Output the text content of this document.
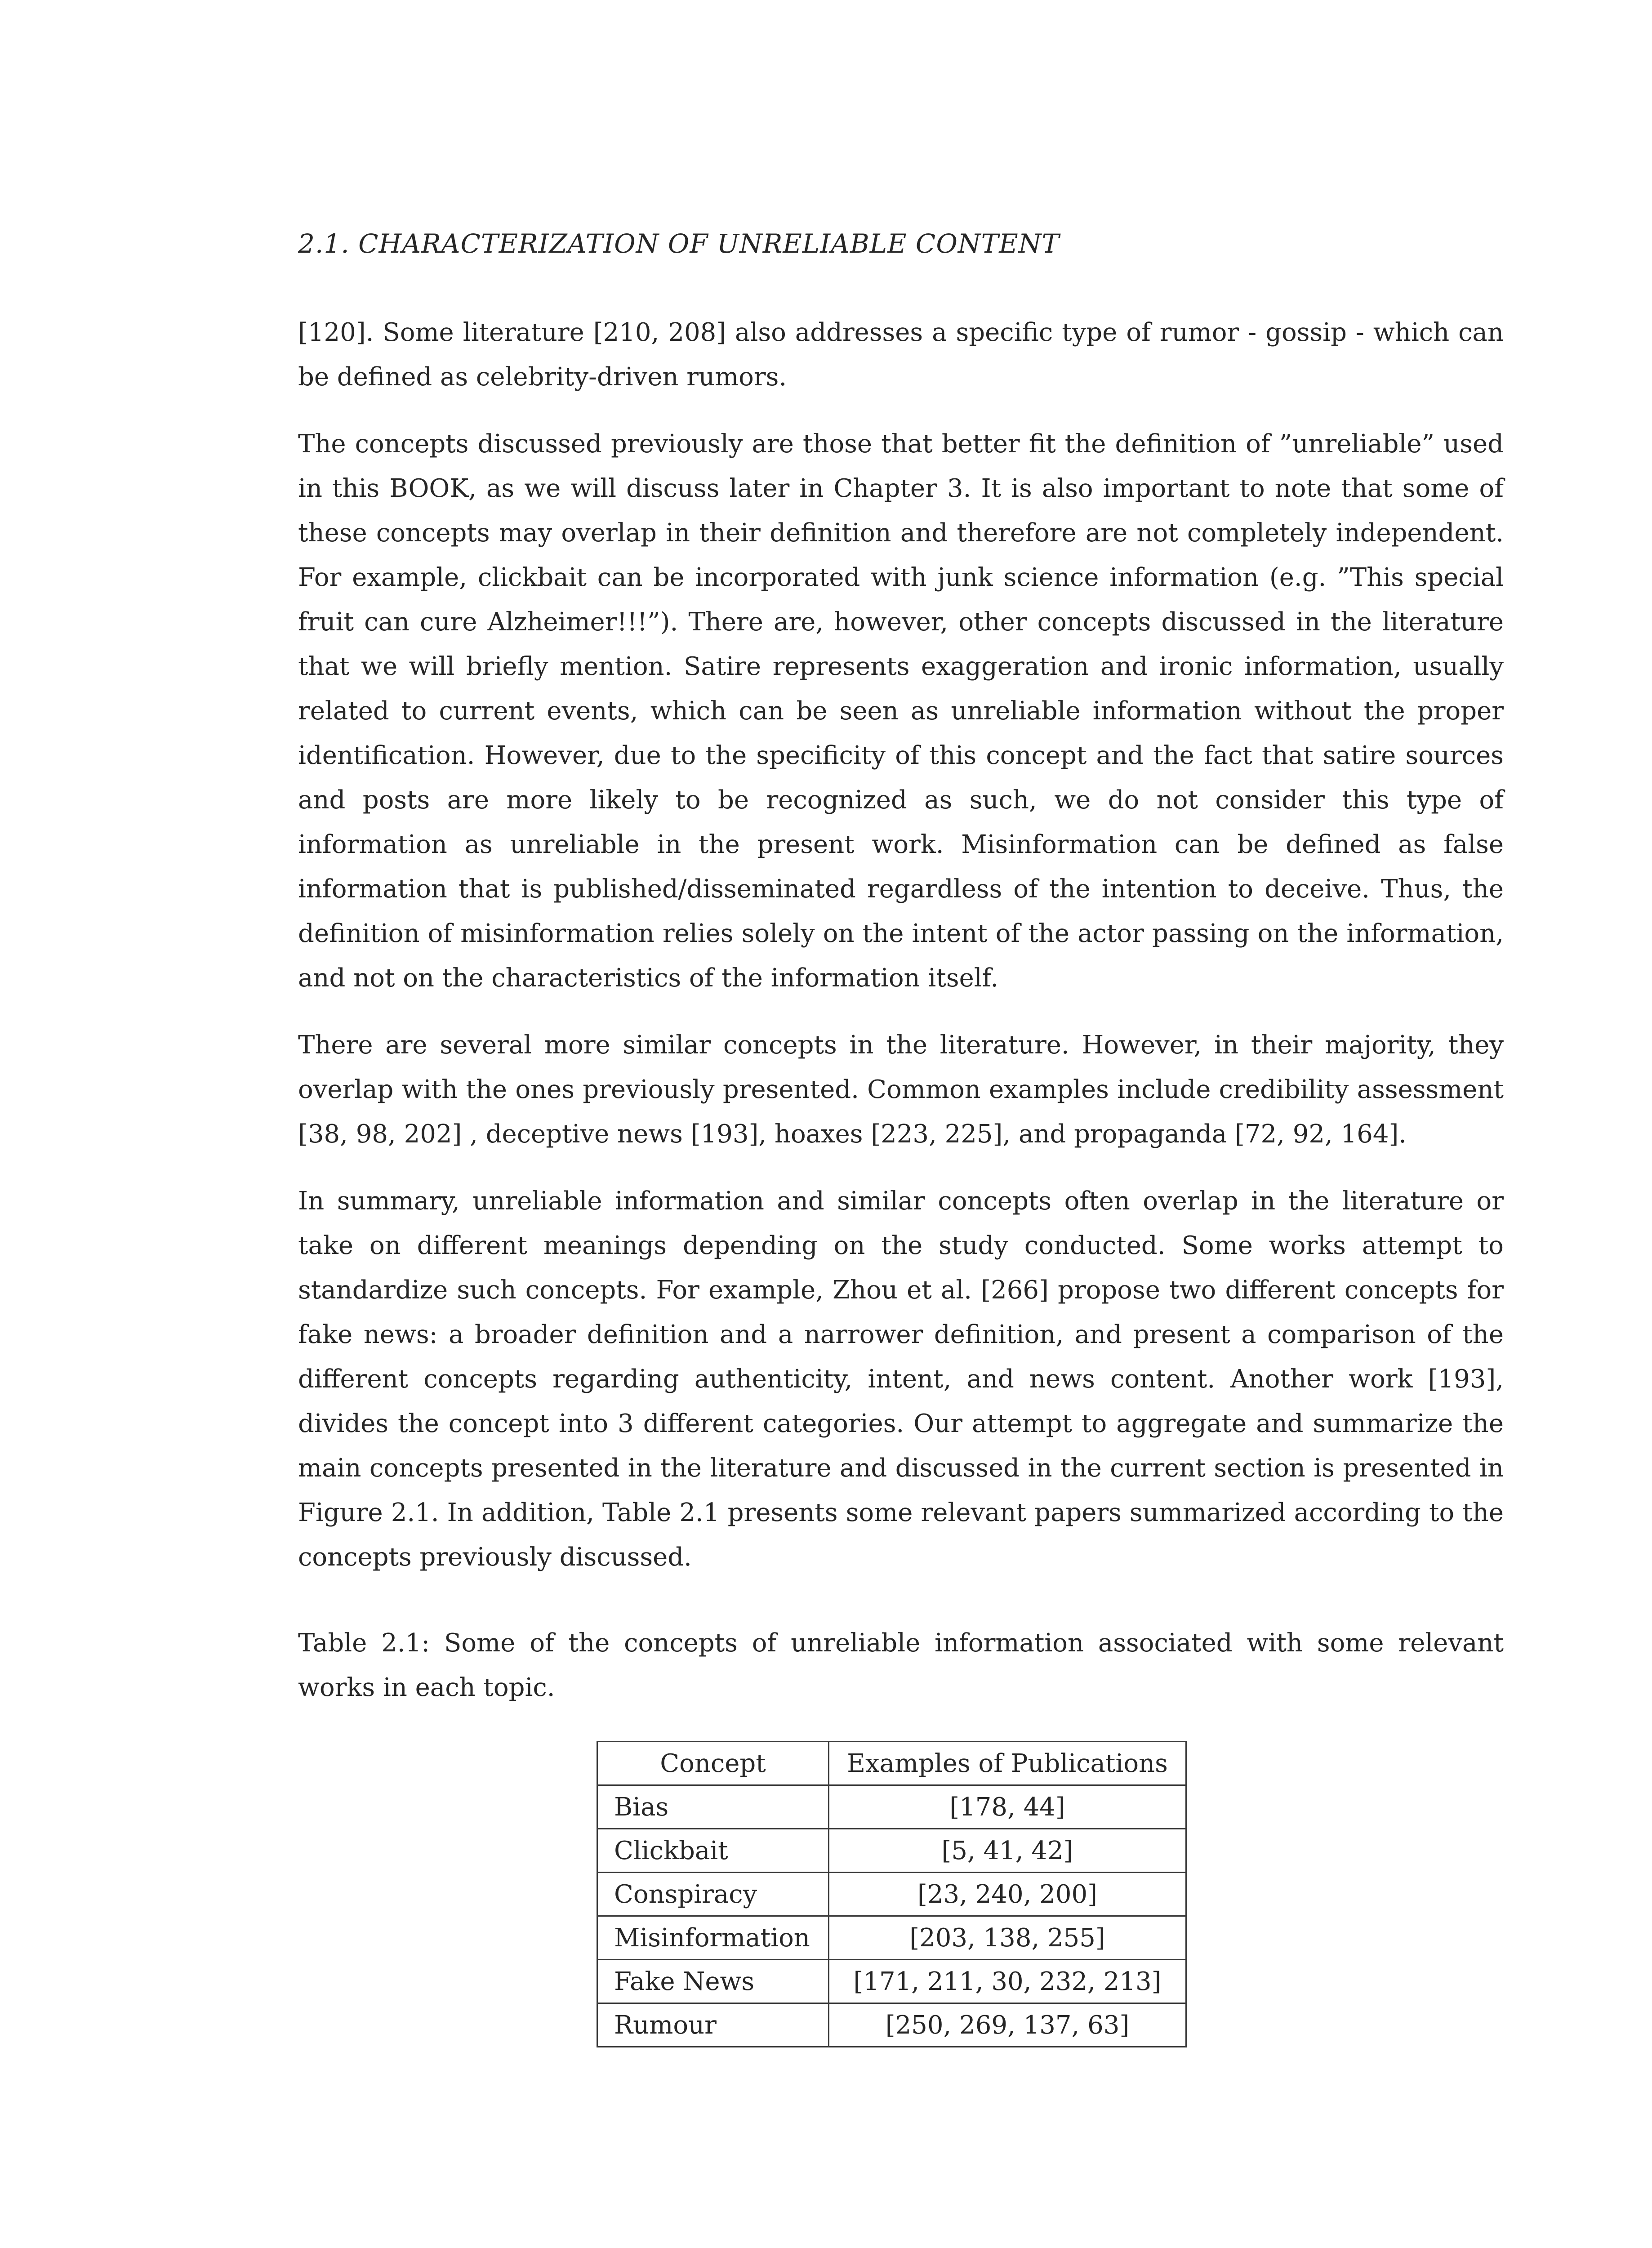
2.1. CHARACTERIZATION OF UNRELIABLE CONTENT

[120]. Some literature [210, 208] also addresses a specific type of rumor - gossip - which can be defined as celebrity-driven rumors.

The concepts discussed previously are those that better fit the definition of ”unreliable” used in this BOOK, as we will discuss later in Chapter 3. It is also important to note that some of these concepts may overlap in their definition and therefore are not completely independent. For example, clickbait can be incorporated with junk science information (e.g. ”This special fruit can cure Alzheimer!!!”). There are, however, other concepts discussed in the literature that we will briefly mention. Satire represents exaggeration and ironic information, usually related to current events, which can be seen as unreliable information without the proper identification. However, due to the specificity of this concept and the fact that satire sources and posts are more likely to be recognized as such, we do not consider this type of information as unreliable in the present work. Misinformation can be defined as false information that is published/disseminated regardless of the intention to deceive. Thus, the definition of misinformation relies solely on the intent of the actor passing on the information, and not on the characteristics of the information itself.

There are several more similar concepts in the literature. However, in their majority, they overlap with the ones previously presented. Common examples include credibility assessment [38, 98, 202] , deceptive news [193], hoaxes [223, 225], and propaganda [72, 92, 164].

In summary, unreliable information and similar concepts often overlap in the literature or take on different meanings depending on the study conducted. Some works attempt to standardize such concepts. For example, Zhou et al. [266] propose two different concepts for fake news: a broader definition and a narrower definition, and present a comparison of the different concepts regarding authenticity, intent, and news content. Another work [193], divides the concept into 3 different categories. Our attempt to aggregate and summarize the main concepts presented in the literature and discussed in the current section is presented in Figure 2.1. In addition, Table 2.1 presents some relevant papers summarized according to the concepts previously discussed.

Table 2.1: Some of the concepts of unreliable information associated with some relevant works in each topic.

Concept	Examples of Publications
Bias	[178, 44]
Clickbait	[5, 41, 42]
Conspiracy	[23, 240, 200]
Misinformation	[203, 138, 255]
Fake News	[171, 211, 30, 232, 213]
Rumour	[250, 269, 137, 63]
